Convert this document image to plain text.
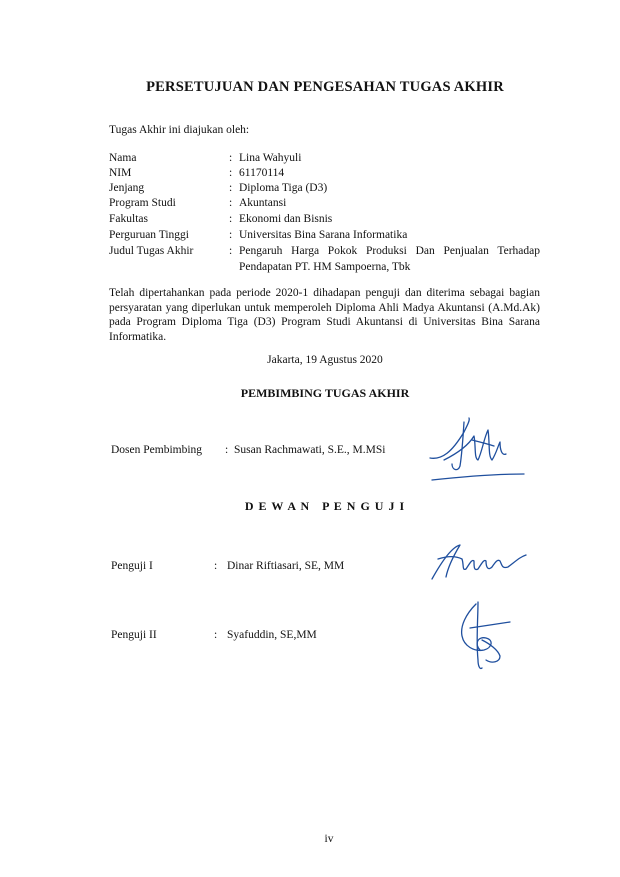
PERSETUJUAN DAN PENGESAHAN TUGAS AKHIR
Tugas Akhir ini diajukan oleh:
Nama	: Lina Wahyuli
NIM	: 61170114
Jenjang	: Diploma Tiga (D3)
Program Studi	: Akuntansi
Fakultas	: Ekonomi dan Bisnis
Perguruan Tinggi	: Universitas Bina Sarana Informatika
Judul Tugas Akhir	: Pengaruh Harga Pokok Produksi Dan Penjualan Terhadap
Pendapatan PT. HM Sampoerna, Tbk
Telah dipertahankan pada periode 2020-1 dihadapan penguji dan diterima sebagai bagian persyaratan yang diperlukan untuk memperoleh Diploma Ahli Madya Akuntansi (A.Md.Ak) pada Program Diploma Tiga (D3) Program Studi Akuntansi di Universitas Bina Sarana Informatika.
Jakarta, 19 Agustus 2020
PEMBIMBING TUGAS AKHIR
Dosen Pembimbing : Susan Rachmawati, S.E., M.MSi
D E W A N   P E N G U J I
Penguji I	: Dinar Riftiasari, SE, MM
Penguji II	: Syafuddin, SE,MM
iv
